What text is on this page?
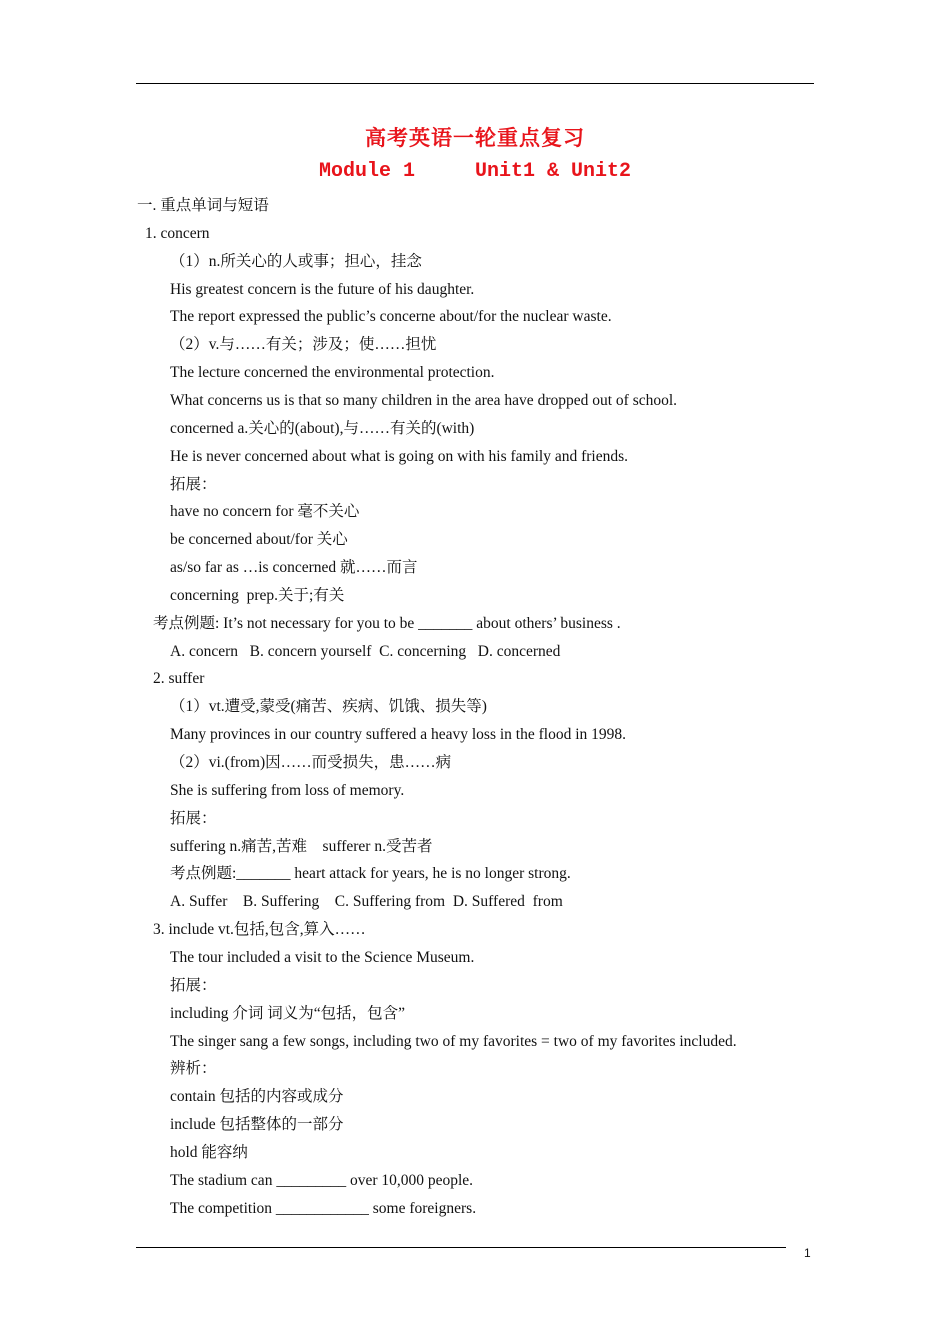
高考英语一轮重点复习
Module 1     Unit1 & Unit2
一. 重点单词与短语
1. concern
（1）n.所关心的人或事；担心，挂念
His greatest concern is the future of his daughter.
The report expressed the public’s concerne about/for the nuclear waste.
（2）v.与……有关；涉及；使……担忧
The lecture concerned the environmental protection.
What concerns us is that so many children in the area have dropped out of school.
concerned a.关心的(about),与……有关的(with)
He is never concerned about what is going on with his family and friends.
拓展：
have no concern for 毫不关心
be concerned about/for 关心
as/so far as …is concerned 就……而言
concerning  prep.关于;有关
考点例题: It’s not necessary for you to be _______ about others’ business .
A. concern   B. concern yourself  C. concerning   D. concerned
2. suffer
（1）vt.遭受,蒙受(痛苦、疾病、饥饿、损失等)
Many provinces in our country suffered a heavy loss in the flood in 1998.
（2）vi.(from)因……而受损失，患……病
She is suffering from loss of memory.
拓展：
suffering n.痛苦,苦难    sufferer n.受苦者
考点例题:_______ heart attack for years, he is no longer strong.
A. Suffer    B. Suffering    C. Suffering from  D. Suffered  from
3. include vt.包括,包含,算入……
The tour included a visit to the Science Museum.
拓展：
including 介词 词义为“包括，包含”
The singer sang a few songs, including two of my favorites = two of my favorites included.
辨析：
contain 包括的内容或成分
include 包括整体的一部分
hold 能容纳
The stadium can _________ over 10,000 people.
The competition ____________ some foreigners.
1
